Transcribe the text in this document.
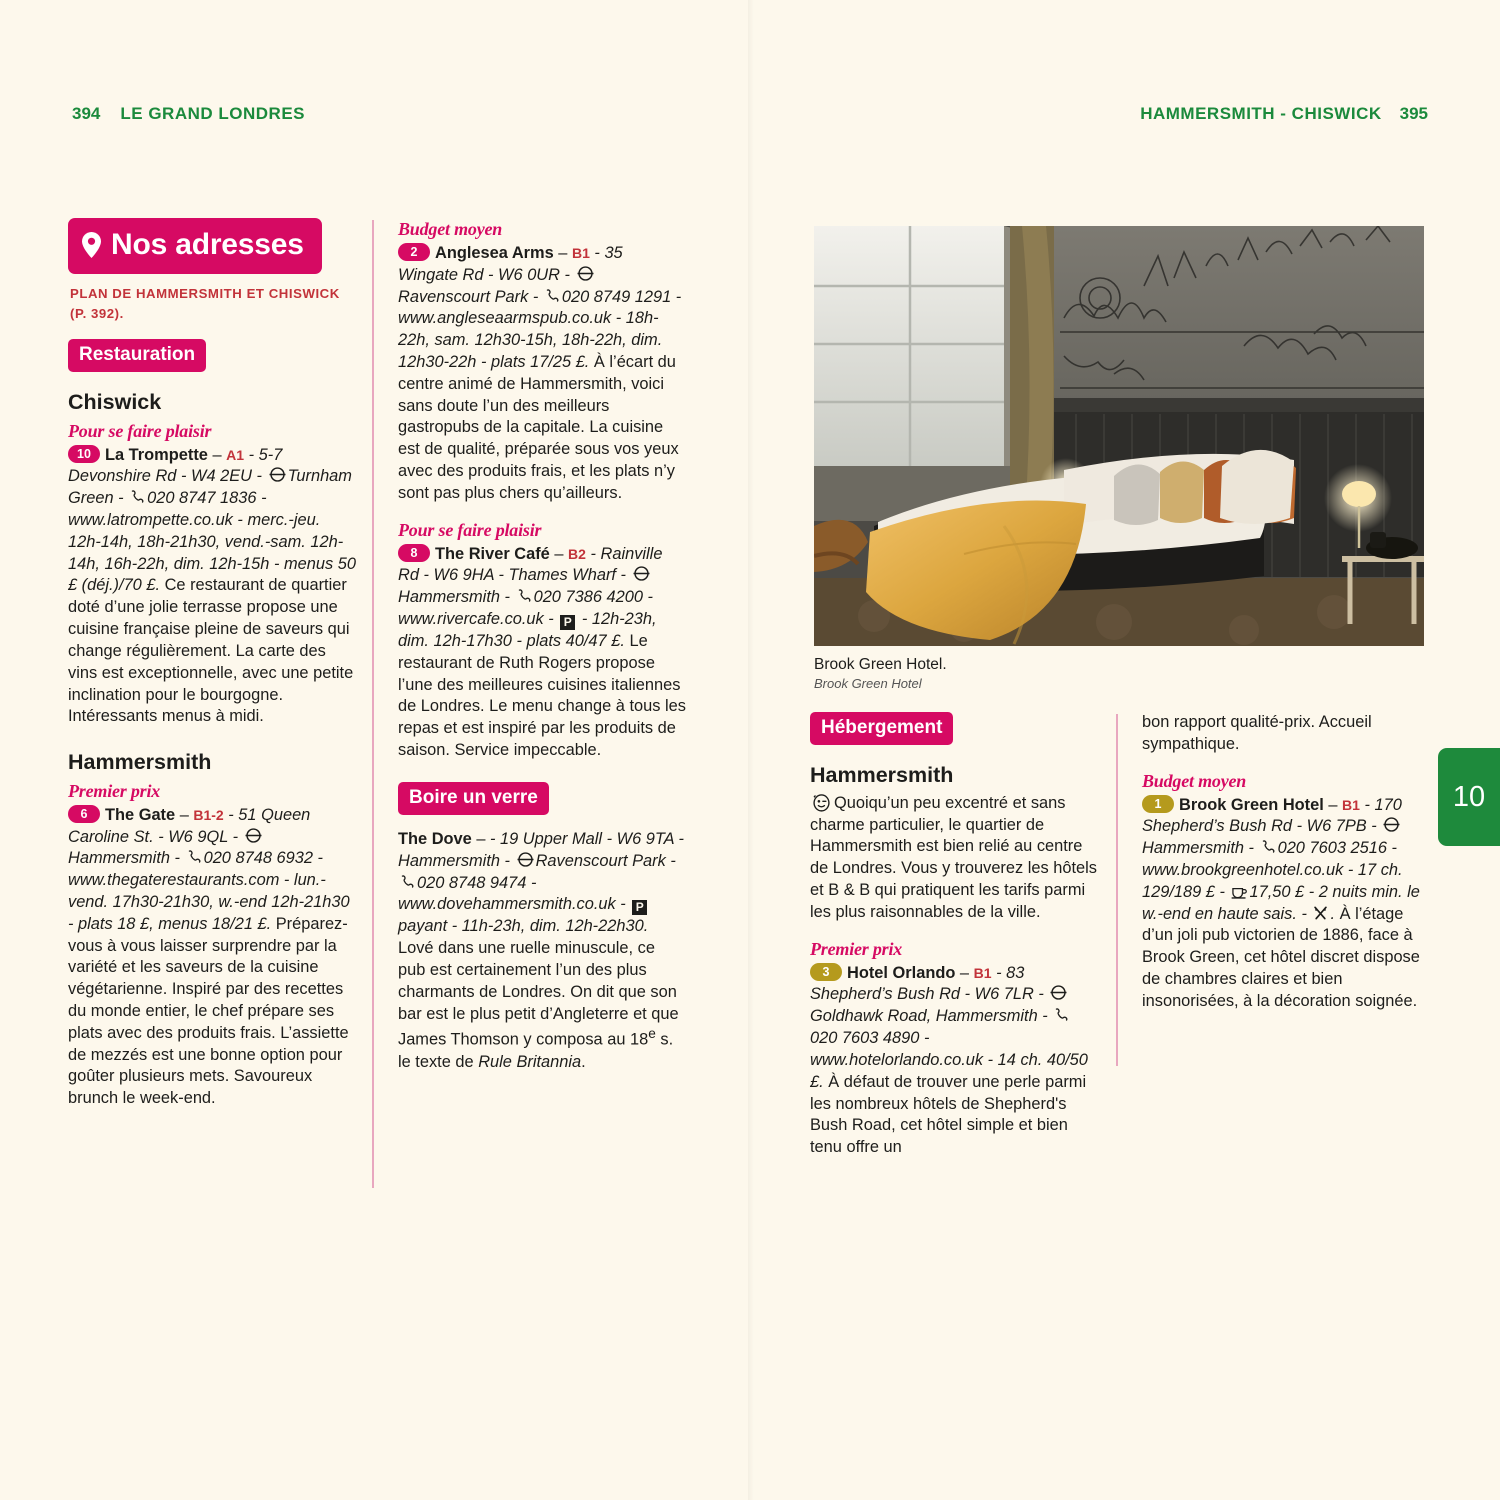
394 LE GRAND LONDRES	HAMMERSMITH - CHISWICK 395
Nos adresses
PLAN DE HAMMERSMITH ET CHISWICK (P. 392).
Restauration
Chiswick
Pour se faire plaisir

10 La Trompette – A1 - 5-7 Devonshire Rd - W4 2EU - Turnham Green - 020 8747 1836 - www.latrompette.co.uk - merc.-jeu. 12h-14h, 18h-21h30, vend.-sam. 12h-14h, 16h-22h, dim. 12h-15h - menus 50 £ (déj.)/70 £. Ce restaurant de quartier doté d’une jolie terrasse propose une cuisine française pleine de saveurs qui change régulièrement. La carte des vins est exceptionnelle, avec une petite inclination pour le bourgogne. Intéressants menus à midi.

Hammersmith
Premier prix

6 The Gate – B1-2 - 51 Queen Caroline St. - W6 9QL - Hammersmith - 020 8748 6932 - www.thegaterestaurants.com - lun.-vend. 17h30-21h30, w.-end 12h-21h30 - plats 18 £, menus 18/21 £. Préparez-vous à vous laisser surprendre par la variété et les saveurs de la cuisine végétarienne. Inspiré par des recettes du monde entier, le chef prépare ses plats avec des produits frais. L’assiette de mezzés est une bonne option pour goûter plusieurs mets. Savoureux brunch le week-end.

Budget moyen

2 Anglesea Arms – B1 - 35 Wingate Rd - W6 0UR - Ravenscourt Park - 020 8749 1291 - www.angleseaarmspub.co.uk - 18h-22h, sam. 12h30-15h, 18h-22h, dim. 12h30-22h - plats 17/25 £. À l’écart du centre animé de Hammersmith, voici sans doute l’un des meilleurs gastropubs de la capitale. La cuisine est de qualité, préparée sous vos yeux avec des produits frais, et les plats n’y sont pas plus chers qu’ailleurs.

Pour se faire plaisir

8 The River Café – B2 - Rainville Rd - W6 9HA - Thames Wharf - Hammersmith - 020 7386 4200 - www.rivercafe.co.uk - P - 12h-23h, dim. 12h-17h30 - plats 40/47 £. Le restaurant de Ruth Rogers propose l’une des meilleures cuisines italiennes de Londres. Le menu change à tous les repas et est inspiré par les produits de saison. Service impeccable.

Boire un verre

The Dove – - 19 Upper Mall - W6 9TA - Hammersmith - Ravenscourt Park - 020 8748 9474 - www.dovehammersmith.co.uk - P payant - 11h-23h, dim. 12h-22h30. Lové dans une ruelle minuscule, ce pub est certainement l’un des plus charmants de Londres. On dit que son bar est le plus petit d’Angleterre et que James Thomson y composa au 18e s. le texte de Rule Britannia.

Brook Green Hotel.
Brook Green Hotel
Hébergement
Hammersmith

Quoiqu’un peu excentré et sans charme particulier, le quartier de Hammersmith est bien relié au centre de Londres. Vous y trouverez les hôtels et B & B qui pratiquent les tarifs parmi les plus raisonnables de la ville.

Premier prix

3 Hotel Orlando – B1 - 83 Shepherd’s Bush Rd - W6 7LR - Goldhawk Road, Hammersmith - 020 7603 4890 - www.hotelorlando.co.uk - 14 ch. 40/50 £. À défaut de trouver une perle parmi les nombreux hôtels de Shepherd's Bush Road, cet hôtel simple et bien tenu offre un

bon rapport qualité-prix. Accueil sympathique.

Budget moyen

1 Brook Green Hotel – B1 - 170 Shepherd’s Bush Rd - W6 7PB - Hammersmith - 020 7603 2516 - www.brookgreenhotel.co.uk - 17 ch. 129/189 £ - 17,50 £ - 2 nuits min. le w.-end en haute sais. - . À l’étage d’un joli pub victorien de 1886, face à Brook Green, cet hôtel discret dispose de chambres claires et bien insonorisées, à la décoration soignée.

10
